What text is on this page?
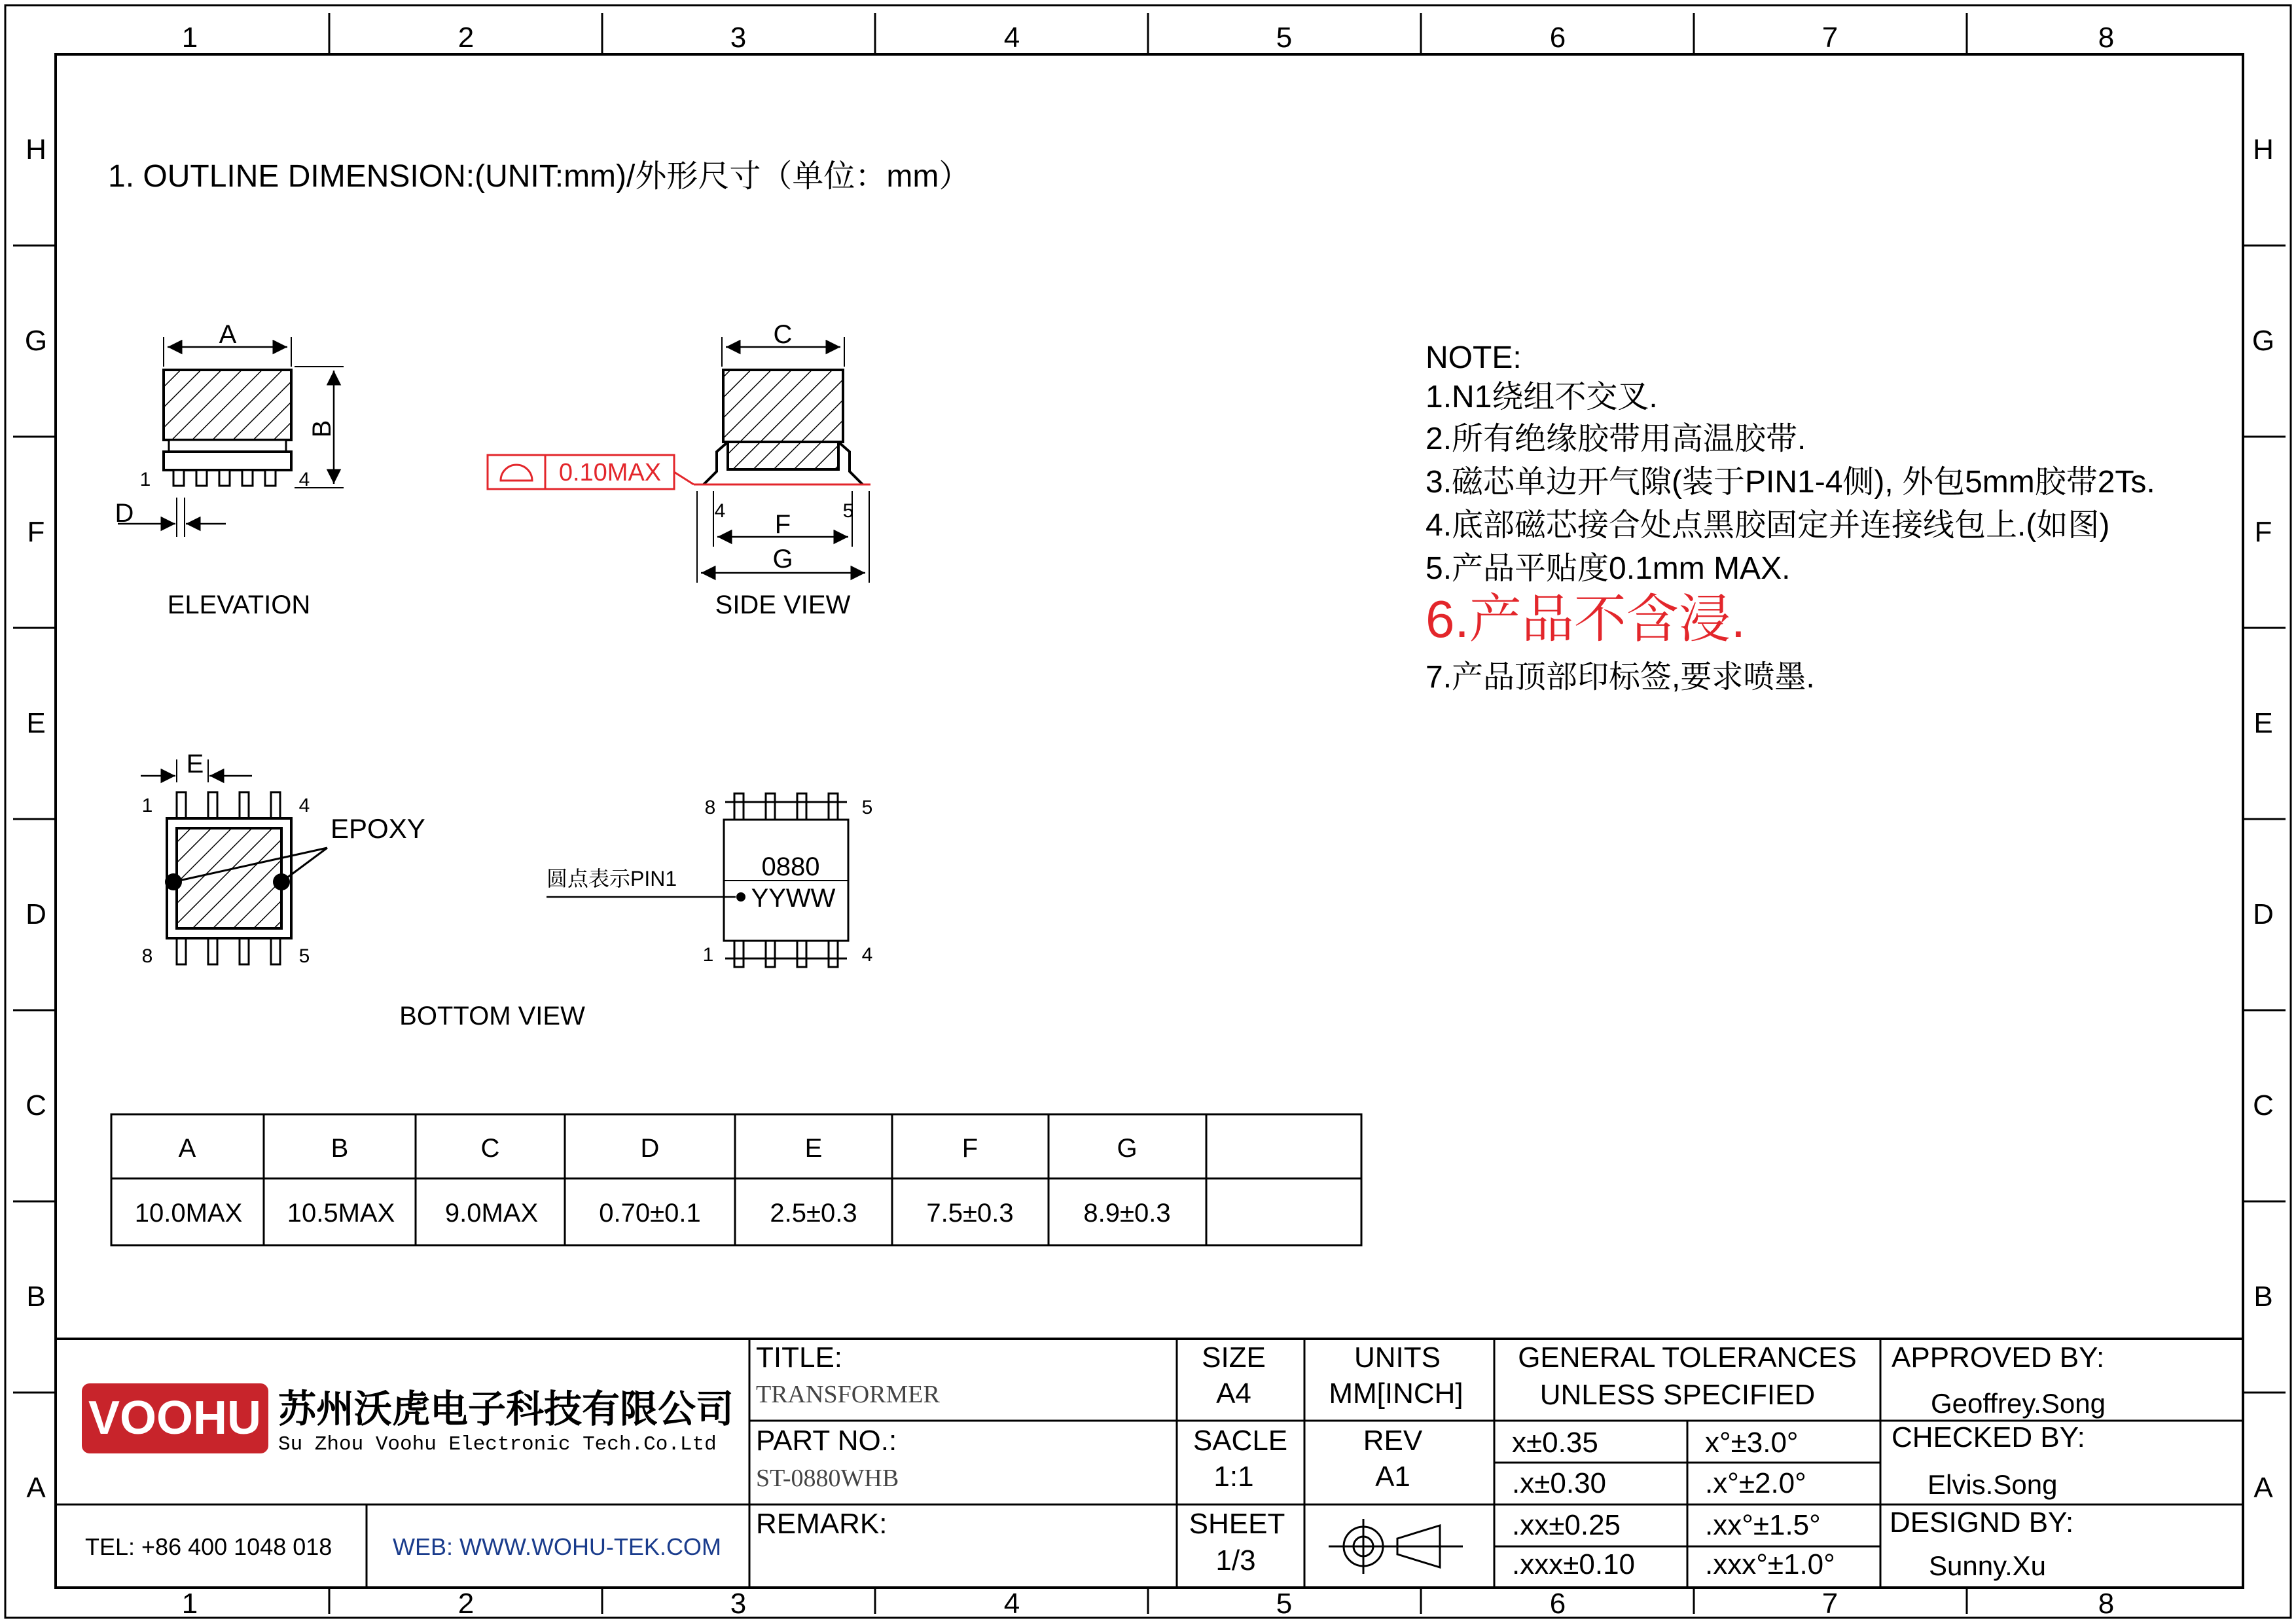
1	2	3	4	5	6	7	8
1	2	3	4	5	6	7	8
H
G
F
E
D
C
B
A
H
G
F
E
D
C
B
A
1. OUTLINE DIMENSION:(UNIT:mm)/外形尺寸（单位：mm）
A
B
1	4
D
ELEVATION
C
F
G
4	5
0.10MAX
SIDE VIEW
E
EPOXY
1	4
8	5
BOTTOM VIEW
0880
YYWW
圆点表示PIN1
8	5
1	4
NOTE:
1.N1绕组不交叉.
2.所有绝缘胶带用高温胶带.
3.磁芯单边开气隙(装于PIN1-4侧), 外包5mm胶带2Ts.
4.底部磁芯接合处点黑胶固定并连接线包上.(如图)
5.产品平贴度0.1mm MAX.
6.产品不含浸.
7.产品顶部印标签,要求喷墨.
A	B	C	D	E	F	G
10.0MAX 10.5MAX 9.0MAX 0.70±0.1	2.5±0.3	7.5±0.3	8.9±0.3
VOOHU 苏州沃虎电子科技有限公司
Su Zhou Voohu Electronic Tech.Co.Ltd
TEL: +86 400 1048 018	WEB: WWW.WOHU-TEK.COM
TITLE:
TRANSFORMER
PART NO.:
ST-0880WHB
REMARK:
SIZE
A4
SACLE
1:1
SHEET
1/3
UNITS
MM[INCH]
REV
A1
GENERAL TOLERANCES
UNLESS SPECIFIED
x±0.35	x°±3.0°
.x±0.30	.x°±2.0°
.xx±0.25	.xx°±1.5°
.xxx±0.10 .xxx°±1.0°
APPROVED BY:
Geoffrey.Song
CHECKED BY:
Elvis.Song
DESIGND BY:
Sunny.Xu
